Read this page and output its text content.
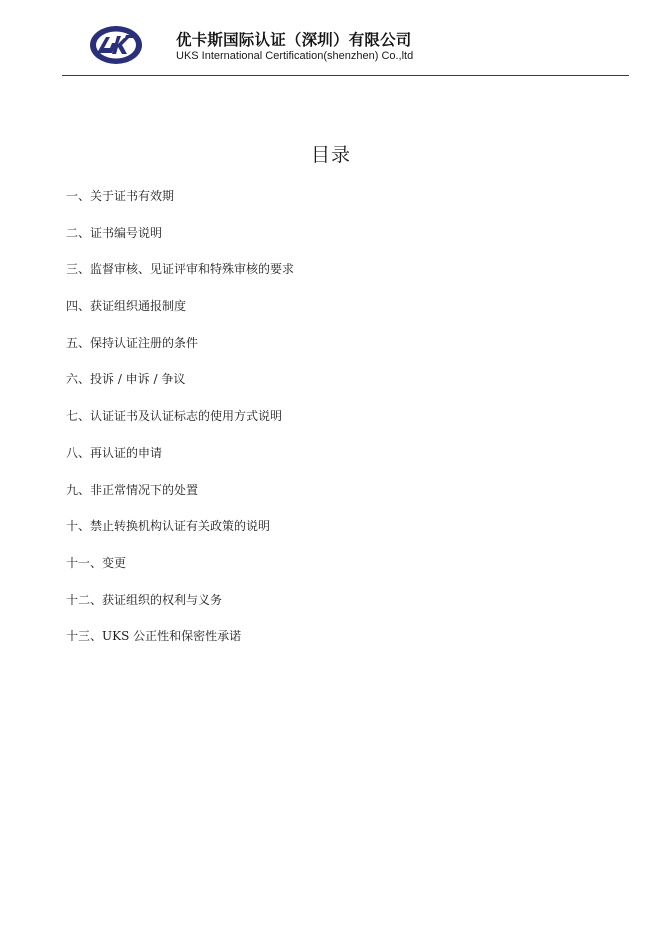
优卡斯国际认证（深圳）有限公司
UKS International Certification(shenzhen) Co.,ltd
目录
一、关于证书有效期
二、证书编号说明
三、监督审核、见证评审和特殊审核的要求
四、获证组织通报制度
五、保持认证注册的条件
六、投诉 / 申诉 / 争议
七、认证证书及认证标志的使用方式说明
八、再认证的申请
九、非正常情况下的处置
十、禁止转换机构认证有关政策的说明
十一、变更
十二、获证组织的权利与义务
十三、UKS 公正性和保密性承诺
